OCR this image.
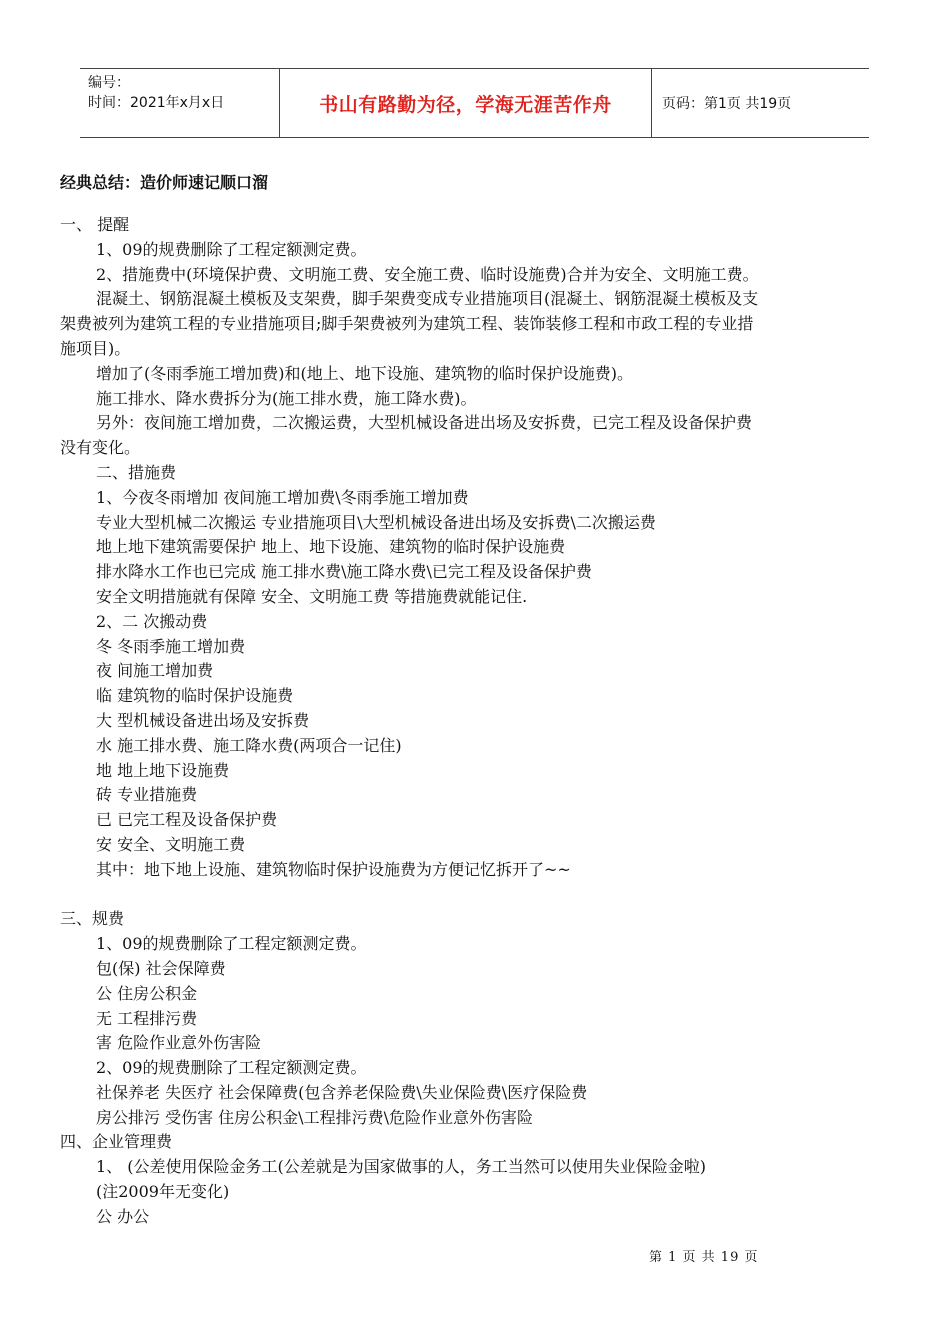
编号：
时间：2021年x月x日	书山有路勤为径，学海无涯苦作舟	页码：第1页 共19页
经典总结：造价师速记顺口溜
一、 提醒
1、09的规费删除了工程定额测定费。
2、措施费中(环境保护费、文明施工费、安全施工费、临时设施费)合并为安全、文明施工费。
混凝土、钢筋混凝土模板及支架费，脚手架费变成专业措施项目(混凝土、钢筋混凝土模板及支
架费被列为建筑工程的专业措施项目;脚手架费被列为建筑工程、装饰装修工程和市政工程的专业措
施项目)。
增加了(冬雨季施工增加费)和(地上、地下设施、建筑物的临时保护设施费)。
施工排水、降水费拆分为(施工排水费，施工降水费)。
另外：夜间施工增加费，二次搬运费，大型机械设备进出场及安拆费，已完工程及设备保护费
没有变化。
二、措施费
1、今夜冬雨增加 夜间施工增加费\冬雨季施工增加费
专业大型机械二次搬运 专业措施项目\大型机械设备进出场及安拆费\二次搬运费
地上地下建筑需要保护 地上、地下设施、建筑物的临时保护设施费
排水降水工作也已完成 施工排水费\施工降水费\已完工程及设备保护费
安全文明措施就有保障 安全、文明施工费 等措施费就能记住.
2、二 次搬动费
冬 冬雨季施工增加费
夜 间施工增加费
临 建筑物的临时保护设施费
大 型机械设备进出场及安拆费
水 施工排水费、施工降水费(两项合一记住)
地 地上地下设施费
砖 专业措施费
已 已完工程及设备保护费
安 安全、文明施工费
其中：地下地上设施、建筑物临时保护设施费为方便记忆拆开了~~
三、规费
1、09的规费删除了工程定额测定费。
包(保) 社会保障费
公 住房公积金
无 工程排污费
害 危险作业意外伤害险
2、09的规费删除了工程定额测定费。
社保养老 失医疗 社会保障费(包含养老保险费\失业保险费\医疗保险费
房公排污 受伤害 住房公积金\工程排污费\危险作业意外伤害险
四、企业管理费
1、 (公差使用保险金务工(公差就是为国家做事的人，务工当然可以使用失业保险金啦)
(注2009年无变化)
公 办公
第 1 页 共 19 页
